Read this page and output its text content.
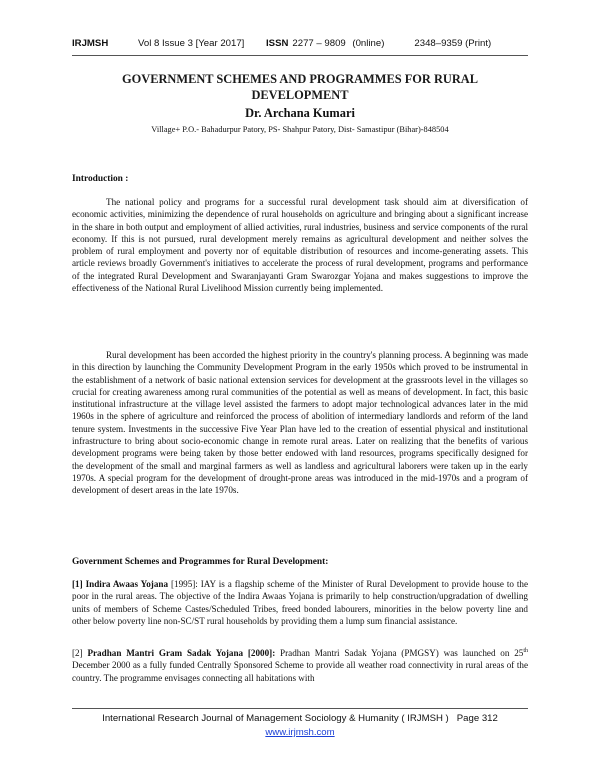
IRJMSH	Vol 8 Issue 3 [Year 2017] ISSN 2277 – 9809 (0nline)	2348–9359 (Print)
GOVERNMENT SCHEMES AND PROGRAMMES FOR RURAL
DEVELOPMENT
Dr. Archana Kumari
Village+ P.O.- Bahadurpur Patory, PS- Shahpur Patory, Dist- Samastipur (Bihar)-848504
Introduction :

The national policy and programs for a successful rural development task should aim at diversification of economic activities, minimizing the dependence of rural households on agriculture and bringing about a significant increase in the share in both output and employment of allied activities, rural industries, business and service components of the rural economy. If this is not pursued, rural development merely remains as agricultural development and neither solves the problem of rural employment and poverty nor of equitable distribution of resources and income-generating assets. This article reviews broadly Government's initiatives to accelerate the process of rural development, programs and performance of the integrated Rural Development and Swaranjayanti Gram Swarozgar Yojana and makes suggestions to improve the effectiveness of the National Rural Livelihood Mission currently being implemented.

Rural development has been accorded the highest priority in the country's planning process. A beginning was made in this direction by launching the Community Development Program in the early 1950s which proved to be instrumental in the establishment of a network of basic national extension services for development at the grassroots level in the villages so crucial for creating awareness among rural communities of the potential as well as means of development. In fact, this basic institutional infrastructure at the village level assisted the farmers to adopt major technological advances later in the mid 1960s in the sphere of agriculture and reinforced the process of abolition of intermediary landlords and reform of the land tenure system. Investments in the successive Five Year Plan have led to the creation of essential physical and institutional infrastructure to bring about socio-economic change in remote rural areas. Later on realizing that the benefits of various development programs were being taken by those better endowed with land resources, programs specifically designed for the development of the small and marginal farmers as well as landless and agricultural laborers were taken up in the early 1970s. A special program for the development of drought-prone areas was introduced in the mid-1970s and a program of development of desert areas in the late 1970s.

Government Schemes and Programmes for Rural Development:

[1] Indira Awaas Yojana [1995]: IAY is a flagship scheme of the Minister of Rural Development to provide house to the poor in the rural areas. The objective of the Indira Awaas Yojana is primarily to help construction/upgradation of dwelling units of members of Scheme Castes/Scheduled Tribes, freed bonded labourers, minorities in the below poverty line and other below poverty line non-SC/ST rural households by providing them a lump sum financial assistance.

[2] Pradhan Mantri Gram Sadak Yojana [2000]: Pradhan Mantri Sadak Yojana (PMGSY) was launched on 25th December 2000 as a fully funded Centrally Sponsored Scheme to provide all weather road connectivity in rural areas of the country. The programme envisages connecting all habitations with

International Research Journal of Management Sociology & Humanity ( IRJMSH ) Page 312
www.irjmsh.com
